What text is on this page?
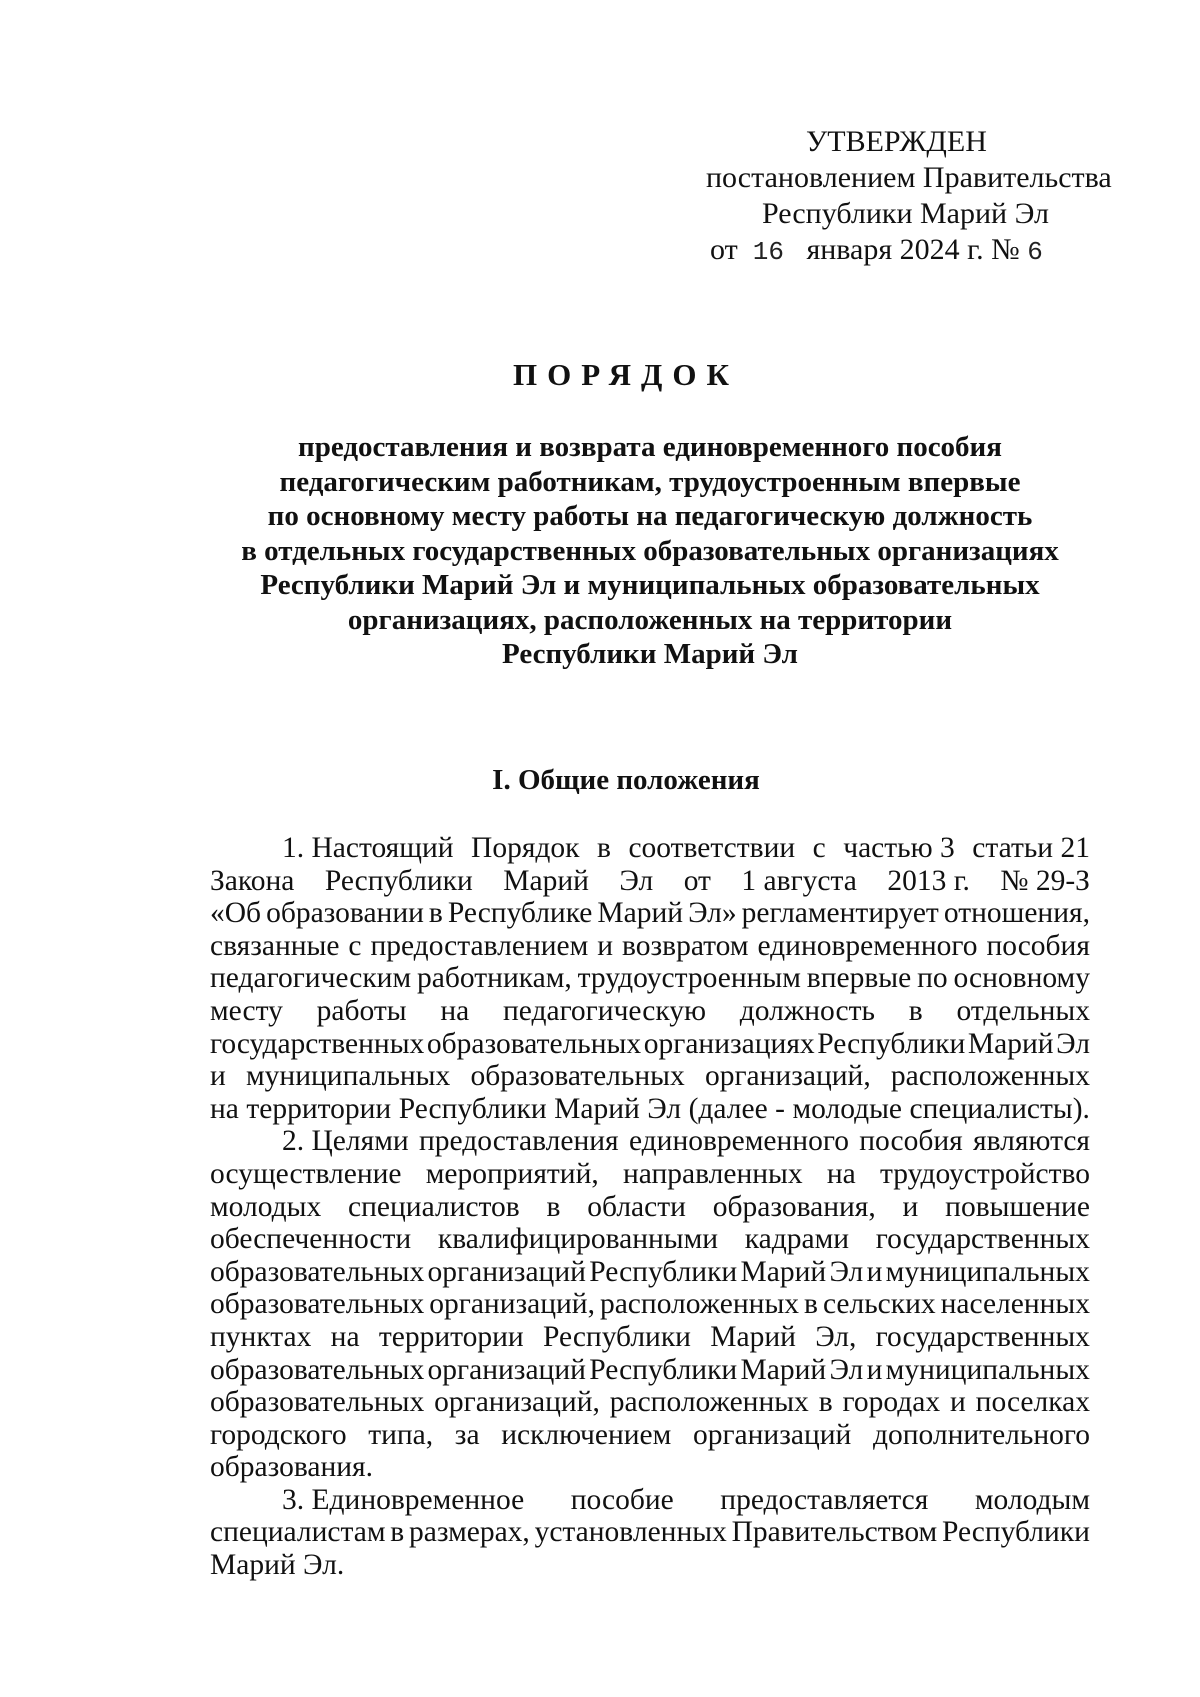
УТВЕРЖДЕН
постановлением Правительства
Республики Марий Эл
от 16 января 2024 г. № 6
ПОРЯДОК
предоставления и возврата единовременного пособия
педагогическим работникам, трудоустроенным впервые
по основному месту работы на педагогическую должность
в отдельных государственных образовательных организациях
Республики Марий Эл и муниципальных образовательных
организациях, расположенных на территории
Республики Марий Эл
I. Общие положения
1. Настоящий Порядок в соответствии с частью 3 статьи 21
Закона Республики Марий Эл от 1 августа 2013 г. № 29-З
«Об образовании в Республике Марий Эл» регламентирует отношения,
связанные с предоставлением и возвратом единовременного пособия
педагогическим работникам, трудоустроенным впервые по основному
месту работы на педагогическую должность в отдельных
государственных образовательных организациях Республики Марий Эл
и муниципальных образовательных организаций, расположенных
на территории Республики Марий Эл (далее - молодые специалисты).
2. Целями предоставления единовременного пособия являются
осуществление мероприятий, направленных на трудоустройство
молодых специалистов в области образования, и повышение
обеспеченности квалифицированными кадрами государственных
образовательных организаций Республики Марий Эл и муниципальных
образовательных организаций, расположенных в сельских населенных
пунктах на территории Республики Марий Эл, государственных
образовательных организаций Республики Марий Эл и муниципальных
образовательных организаций, расположенных в городах и поселках
городского типа, за исключением организаций дополнительного
образования.
3. Единовременное пособие предоставляется молодым
специалистам в размерах, установленных Правительством Республики
Марий Эл.
